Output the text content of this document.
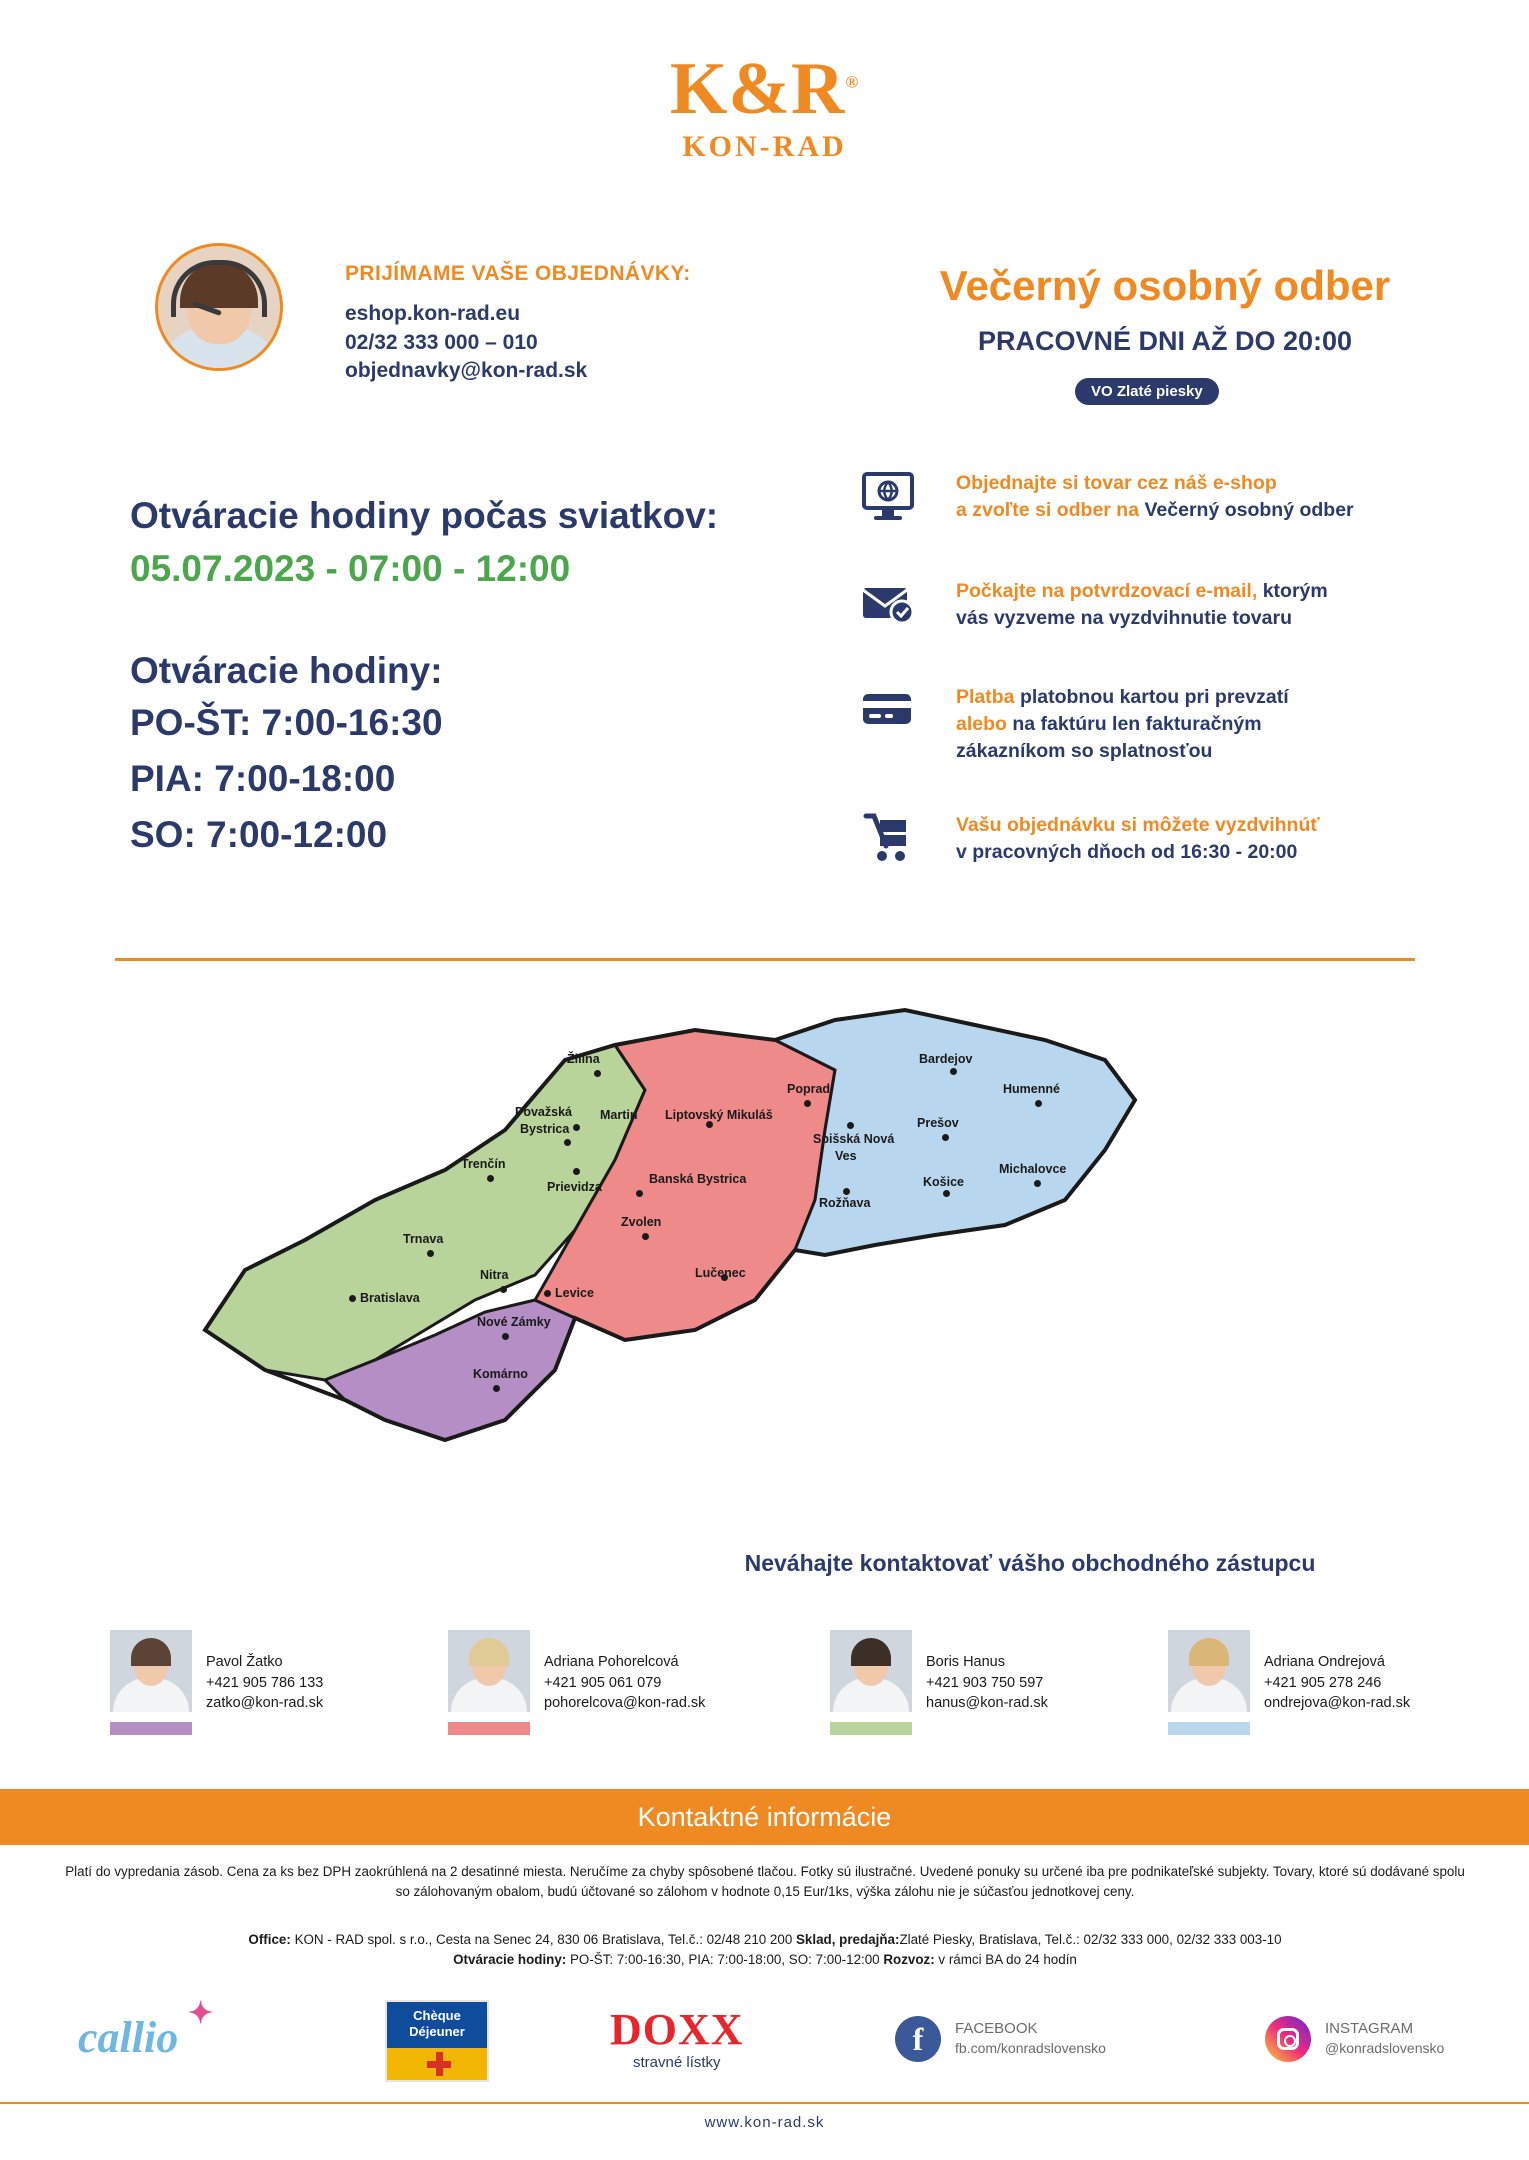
K&R®
KON-RAD
PRIJÍMAME VAŠE OBJEDNÁVKY:
eshop.kon-rad.eu
02/32 333 000 – 010
objednavky@kon-rad.sk
Večerný osobný odber
PRACOVNÉ DNI AŽ DO 20:00
VO Zlaté piesky
Otváracie hodiny počas sviatkov:
05.07.2023 - 07:00 - 12:00
Otváracie hodiny:
PO-ŠT: 7:00-16:30
PIA: 7:00-18:00
SO: 7:00-12:00
Objednajte si tovar cez náš e-shop
a zvoľte si odber na Večerný osobný odber
Počkajte na potvrdzovací e-mail, ktorým
vás vyzveme na vyzdvihnutie tovaru
Platba platobnou kartou pri prevzatí
alebo na faktúru len fakturačným
zákazníkom so splatnosťou
Vašu objednávku si môžete vyzdvihnúť
v pracovných dňoch od 16:30 - 20:00
Žilina
Považská
Bystrica
Martin Liptovský Mikuláš
Poprad
Bardejov
Humenné
Prešov
Spišská Nová
Ves
Trenčín
Prievidza
Banská Bystrica	Košice
Michalovce
Rožňava
Zvolen
Trnava
Nitra
Levice
Lučenec
Bratislava
Nové Zámky
Komárno
Neváhajte kontaktovať vášho obchodného zástupcu
Pavol Žatko
+421 905 786 133
zatko@kon-rad.sk
Adriana Pohorelcová
+421 905 061 079
pohorelcova@kon-rad.sk
Boris Hanus
+421 903 750 597
hanus@kon-rad.sk
Adriana Ondrejová
+421 905 278 246
ondrejova@kon-rad.sk
Kontaktné informácie
Platí do vypredania zásob. Cena za ks bez DPH zaokrúhlená na 2 desatinné miesta. Neručíme za chyby spôsobené tlačou. Fotky sú ilustračné. Uvedené ponuky su určené iba pre podnikateľské subjekty. Tovary, ktoré sú dodávané spolu so zálohovaným obalom, budú účtované so zálohom v hodnote 0,15 Eur/1ks, výška zálohu nie je súčasťou jednotkovej ceny.
Office: KON - RAD spol. s r.o., Cesta na Senec 24, 830 06 Bratislava, Tel.č.: 02/48 210 200 Sklad, predajňa:Zlaté Piesky, Bratislava, Tel.č.: 02/32 333 000, 02/32 333 003-10
Otváracie hodiny: PO-ŠT: 7:00-16:30, PIA: 7:00-18:00, SO: 7:00-12:00 Rozvoz: v rámci BA do 24 hodín
callio ✦	Chèque Déjeuner	DOXX
stravné lístky
f	FACEBOOK
fb.com/konradslovensko
INSTAGRAM
@konradslovensko
www.kon-rad.sk
